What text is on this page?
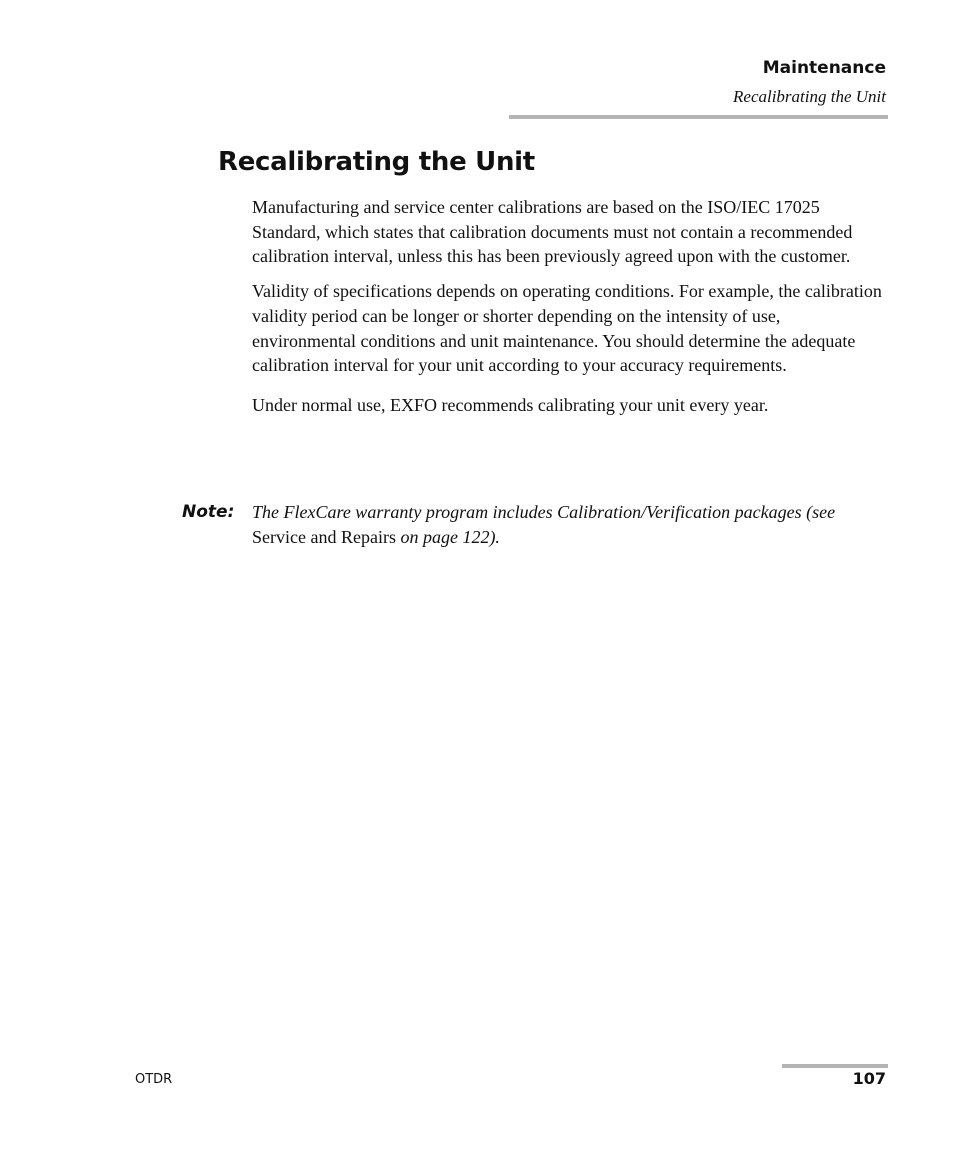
Maintenance
Recalibrating the Unit
Recalibrating the Unit

Manufacturing and service center calibrations are based on the ISO/IEC 17025 Standard, which states that calibration documents must not contain a recommended calibration interval, unless this has been previously agreed upon with the customer.

Validity of specifications depends on operating conditions. For example, the calibration validity period can be longer or shorter depending on the intensity of use, environmental conditions and unit maintenance. You should determine the adequate calibration interval for your unit according to your accuracy requirements.

Under normal use, EXFO recommends calibrating your unit every year.

Note: The FlexCare warranty program includes Calibration/Verification packages (see Service and Repairs on page 122).
OTDR	107
